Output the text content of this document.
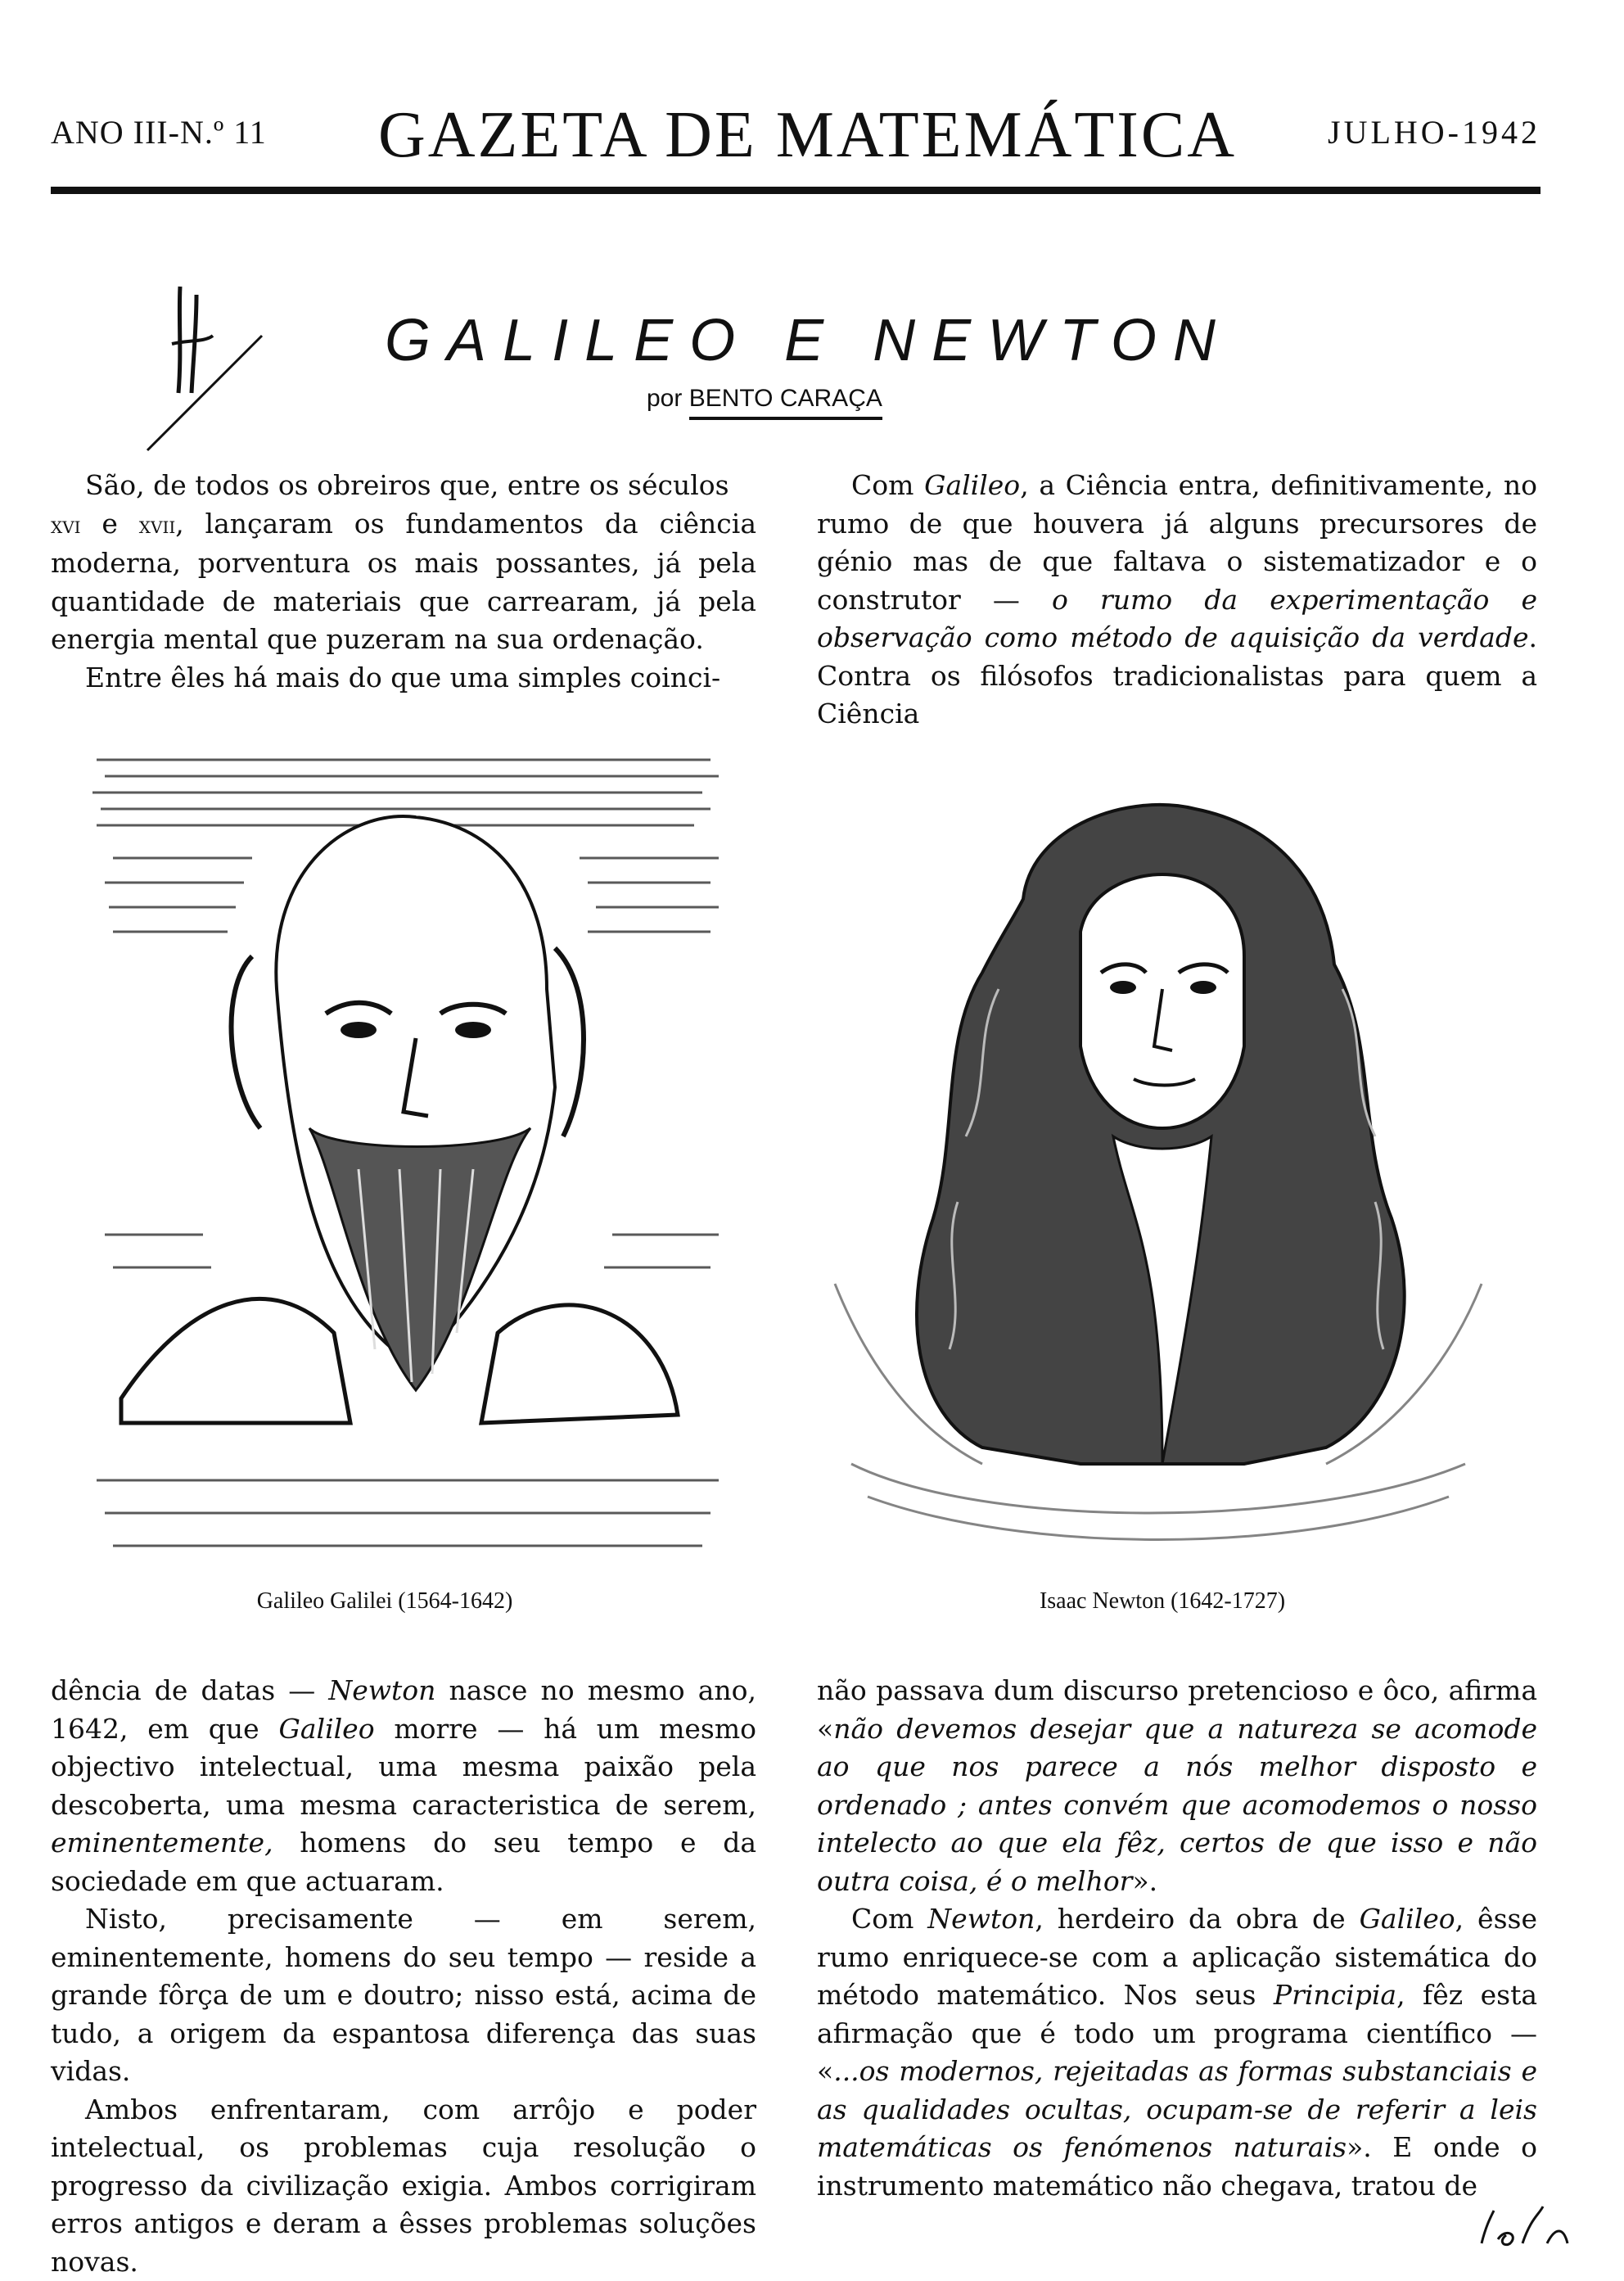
ANO III-N.º 11 GAZETA DE MATEMÁTICA	JULHO-1942
GALILEO E NEWTON
por BENTO CARAÇA

São, de todos os obreiros que, entre os séculos
xvi e xvii, lançaram os fundamentos da ciência moderna, porventura os mais possantes, já pela quantidade de materiais que carrearam, já pela energia mental que puzeram na sua ordenação.

Entre êles há mais do que uma simples coinci-

Com Galileo, a Ciência entra, definitivamente, no rumo de que houvera já alguns precursores de génio mas de que faltava o sistematizador e o construtor — o rumo da experimentação e observação como método de aquisição da verdade. Contra os filósofos tradicionalistas para quem a Ciência

Galileo Galilei (1564-1642)	Isaac Newton (1642-1727)

dência de datas — Newton nasce no mesmo ano, 1642, em que Galileo morre — há um mesmo objectivo intelectual, uma mesma paixão pela descoberta, uma mesma caracteristica de serem, eminentemente, homens do seu tempo e da sociedade em que actuaram.

Nisto, precisamente — em serem, eminentemente, homens do seu tempo — reside a grande fôrça de um e doutro; nisso está, acima de tudo, a origem da espantosa diferença das suas vidas.

Ambos enfrentaram, com arrôjo e poder intelectual, os problemas cuja resolução o progresso da civilização exigia. Ambos corrigiram erros antigos e deram a êsses problemas soluções novas.

não passava dum discurso pretencioso e ôco, afirma «não devemos desejar que a natureza se acomode ao que nos parece a nós melhor disposto e ordenado ; antes convém que acomodemos o nosso intelecto ao que ela fêz, certos de que isso e não outra coisa, é o melhor».

Com Newton, herdeiro da obra de Galileo, êsse rumo enriquece-se com a aplicação sistemática do método matemático. Nos seus Principia, fêz esta afirmação que é todo um programa científico — «...os modernos, rejeitadas as formas substanciais e as qualidades ocultas, ocupam-se de referir a leis matemáticas os fenómenos naturais». E onde o instrumento matemático não chegava, tratou de
